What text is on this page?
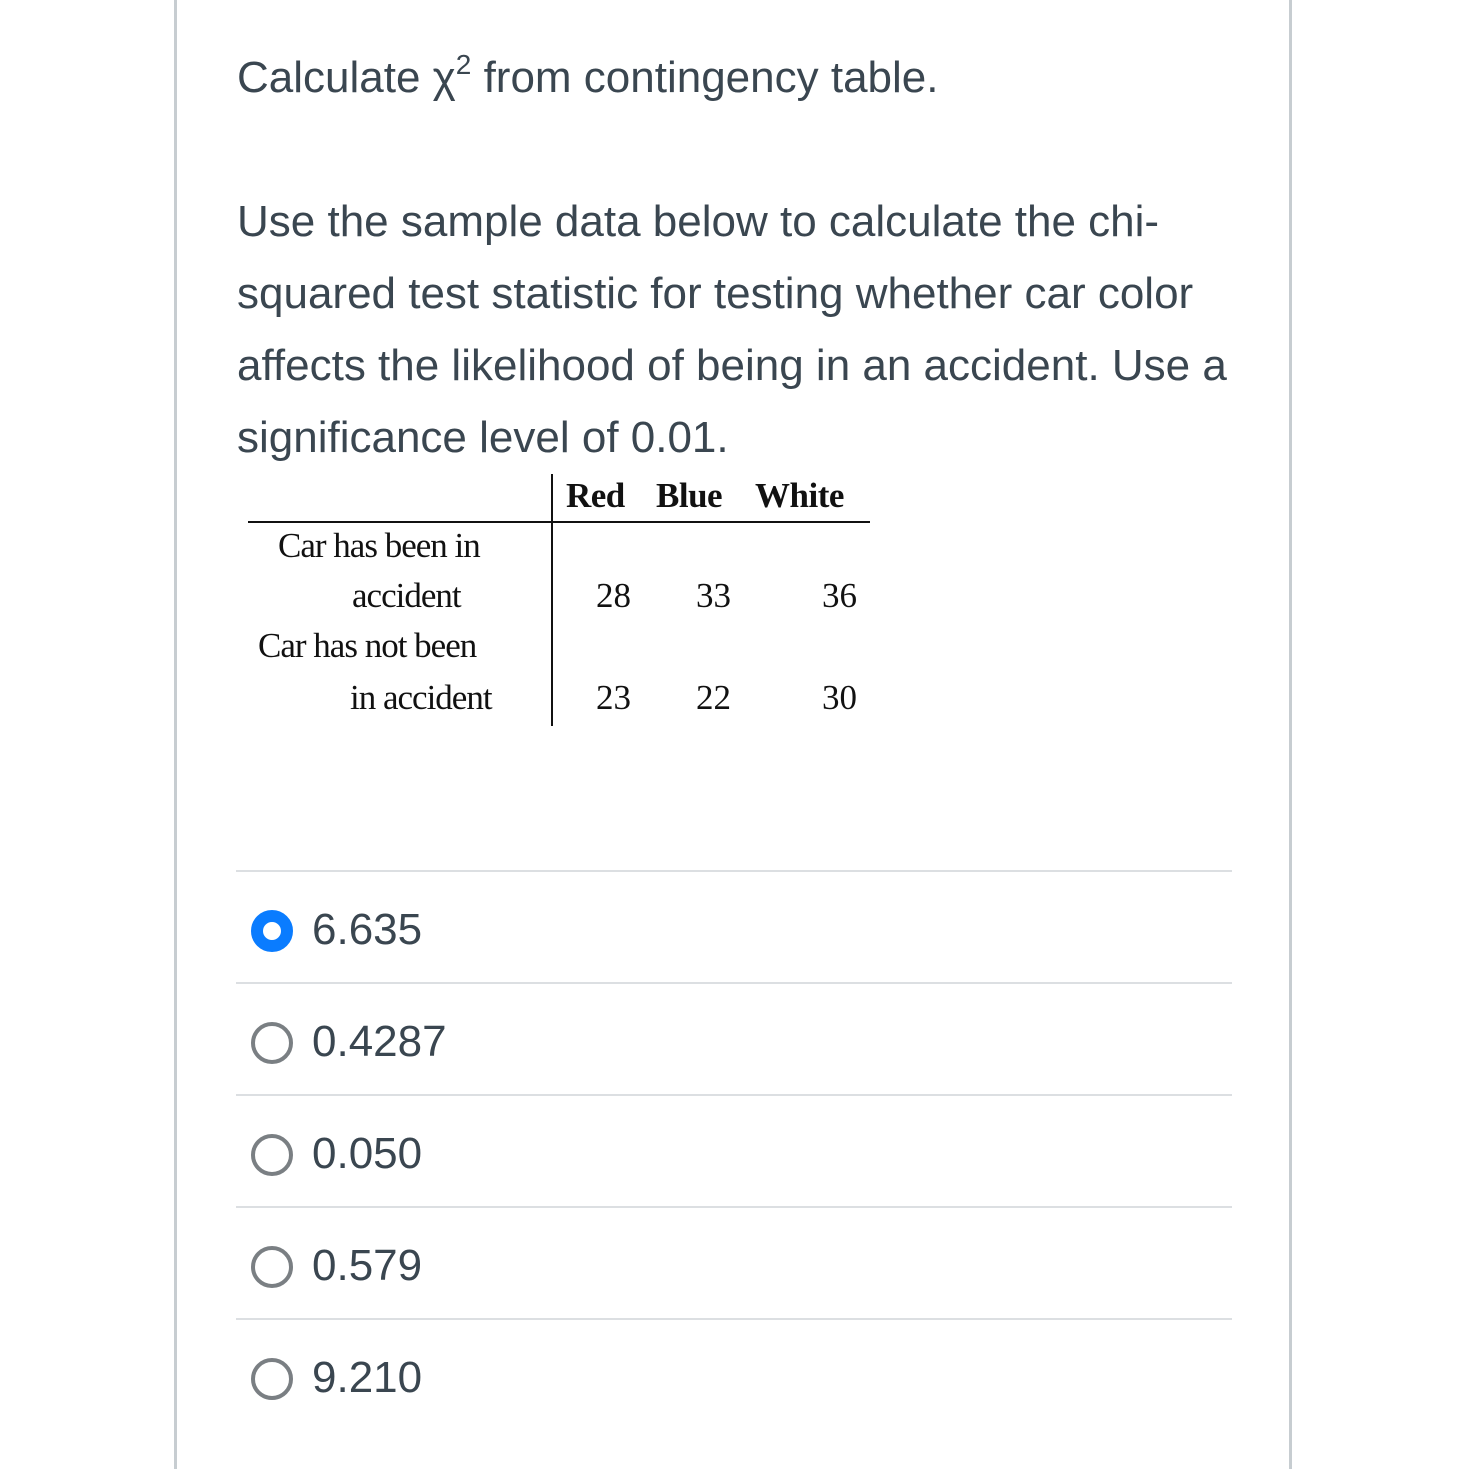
Calculate $\chi^2$ from contingency table.

Use the sample data below to calculate the chi-squared test statistic for testing whether car color affects the likelihood of being in an accident. Use a significance level of 0.01.

Red Blue White
Car has been in
accident	28 33	36
Car has not been
in accident	23 22	30
6.635
0.4287
0.050
0.579
9.210
